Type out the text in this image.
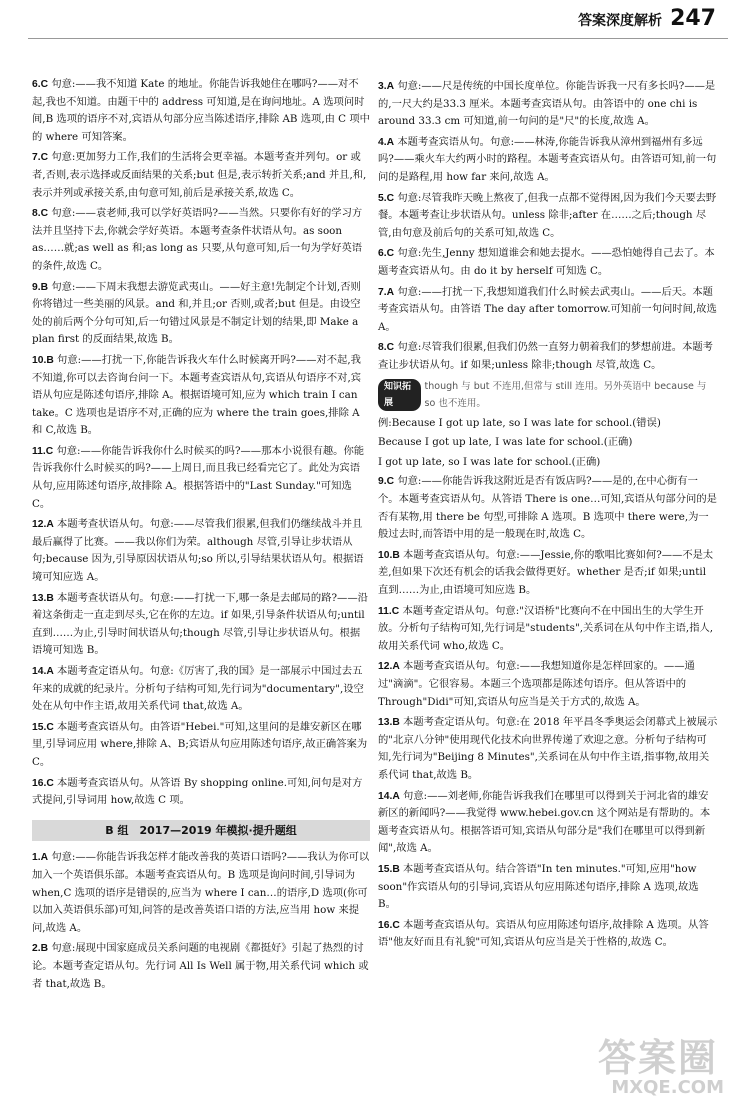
答案深度解析 247

6.C 句意:——我不知道 Kate 的地址。你能告诉我她住在哪吗?——对不起,我也不知道。由题干中的 address 可知道,是在询问地址。A 选项问时间,B 选项的语序不对,宾语从句部分应当陈述语序,排除 AB 选项,由 C 项中的 where 可知答案。

7.C 句意:更加努力工作,我们的生活将会更幸福。本题考查并列句。or 或者,否则,表示选择或反面结果的关系;but 但是,表示转折关系;and 并且,和,表示并列或承接关系,由句意可知,前后是承接关系,故选 C。

8.C 句意:——袁老师,我可以学好英语吗?——当然。只要你有好的学习方法并且坚持下去,你就会学好英语。本题考查条件状语从句。as soon as……就;as well as 和;as long as 只要,从句意可知,后一句为学好英语的条件,故选 C。

9.B 句意:——下周末我想去游览武夷山。——好主意!先制定个计划,否则你将错过一些美丽的风景。and 和,并且;or 否则,或者;but 但是。由设空处的前后两个分句可知,后一句错过风景是不制定计划的结果,即 Make a plan first 的反面结果,故选 B。

10.B 句意:——打扰一下,你能告诉我火车什么时候离开吗?——对不起,我不知道,你可以去咨询台问一下。本题考查宾语从句,宾语从句语序不对,宾语从句应是陈述句语序,排除 A。根据语境可知,应为 which train I can take。C 选项也是语序不对,正确的应为 where the train goes,排除 A 和 C,故选 B。

11.C 句意:——你能告诉我你什么时候买的吗?——那本小说很有趣。你能告诉我你什么时候买的吗?——上周日,而且我已经看完它了。此处为宾语从句,应用陈述句语序,故排除 A。根据答语中的"Last Sunday."可知选 C。

12.A 本题考查状语从句。句意:——尽管我们很累,但我们仍继续战斗并且最后赢得了比赛。——我以你们为荣。although 尽管,引导让步状语从句;because 因为,引导原因状语从句;so 所以,引导结果状语从句。根据语境可知应选 A。

13.B 本题考查状语从句。句意:——打扰一下,哪一条是去邮局的路?——沿着这条街走一直走到尽头,它在你的左边。if 如果,引导条件状语从句;until 直到……为止,引导时间状语从句;though 尽管,引导让步状语从句。根据语境可知选 B。

14.A 本题考查定语从句。句意:《厉害了,我的国》是一部展示中国过去五年来的成就的纪录片。分析句子结构可知,先行词为"documentary",设空处在从句中作主语,故用关系代词 that,故选 A。

15.C 本题考查宾语从句。由答语"Hebei."可知,这里问的是雄安新区在哪里,引导词应用 where,排除 A、B;宾语从句应用陈述句语序,故正确答案为 C。

16.C 本题考查宾语从句。从答语 By shopping online.可知,问句是对方式提问,引导词用 how,故选 C 项。

B 组　2017—2019 年模拟·提升题组

1.A 句意:——你能告诉我怎样才能改善我的英语口语吗?——我认为你可以加入一个英语俱乐部。本题考查宾语从句。B 选项是询问时间,引导词为 when,C 选项的语序是错误的,应当为 where I can…的语序,D 选项(你可以加入英语俱乐部)可知,问答的是改善英语口语的方法,应当用 how 来提问,故选 A。

2.B 句意:展现中国家庭成员关系问题的电视剧《都挺好》引起了热烈的讨论。本题考查定语从句。先行词 All Is Well 属于物,用关系代词 which 或者 that,故选 B。

3.A 句意:——尺是传统的中国长度单位。你能告诉我一尺有多长吗?——是的,一尺大约是33.3 厘米。本题考查宾语从句。由答语中的 one chi is around 33.3 cm 可知道,前一句问的是"尺"的长度,故选 A。

4.A 本题考查宾语从句。句意:——林涛,你能告诉我从漳州到福州有多远吗?——乘火车大约两小时的路程。本题考查宾语从句。由答语可知,前一句问的是路程,用 how far 来问,故选 A。

5.C 句意:尽管我昨天晚上熬夜了,但我一点都不觉得困,因为我们今天要去野餐。本题考查让步状语从句。unless 除非;after 在……之后;though 尽管,由句意及前后句的关系可知,故选 C。

6.C 句意:先生,Jenny 想知道谁会和她去提水。——恐怕她得自己去了。本题考查宾语从句。由 do it by herself 可知选 C。

7.A 句意:——打扰一下,我想知道我们什么时候去武夷山。——后天。本题考查宾语从句。由答语 The day after tomorrow.可知前一句问时间,故选 A。

8.C 句意:尽管我们很累,但我们仍然一直努力朝着我们的梦想前进。本题考查让步状语从句。if 如果;unless 除非;though 尽管,故选 C。

知识拓展
though 与 but 不连用,但常与 still 连用。另外英语中 because 与 so 也不连用。
例:Because I got up late, so I was late for school.(错误)
Because I got up late, I was late for school.(正确)
I got up late, so I was late for school.(正确)

9.C 句意:——你能告诉我这附近是否有饭店吗?——是的,在中心街有一个。本题考查宾语从句。从答语 There is one…可知,宾语从句部分问的是否有某物,用 there be 句型,可排除 A 选项。B 选项中 there were,为一般过去时,而答语中用的是一般现在时,故选 C。

10.B 本题考查宾语从句。句意:——Jessie,你的歌唱比赛如何?——不是太差,但如果下次还有机会的话我会做得更好。whether 是否;if 如果;until 直到……为止,由语境可知应选 B。

11.C 本题考查定语从句。句意:"汉语桥"比赛向不在中国出生的大学生开放。分析句子结构可知,先行词是"students",关系词在从句中作主语,指人,故用关系代词 who,故选 C。

12.A 本题考查宾语从句。句意:——我想知道你是怎样回家的。——通过"滴滴"。它很容易。本题三个选项都是陈述句语序。但从答语中的 Through"Didi"可知,宾语从句应当是关于方式的,故选 A。

13.B 本题考查定语从句。句意:在 2018 年平昌冬季奥运会闭幕式上被展示的"北京八分钟"使用现代化技术向世界传递了欢迎之意。分析句子结构可知,先行词为"Beijing 8 Minutes",关系词在从句中作主语,指事物,故用关系代词 that,故选 B。

14.A 句意:——刘老师,你能告诉我我们在哪里可以得到关于河北省的雄安新区的新闻吗?——我觉得 www.hebei.gov.cn 这个网站是有帮助的。本题考查宾语从句。根据答语可知,宾语从句部分是"我们在哪里可以得到新闻",故选 A。

15.B 本题考查宾语从句。结合答语"In ten minutes."可知,应用"how soon"作宾语从句的引导词,宾语从句应用陈述句语序,排除 A 选项,故选 B。

16.C 本题考查宾语从句。宾语从句应用陈述句语序,故排除 A 选项。从答语"他友好而且有礼貌"可知,宾语从句应当是关于性格的,故选 C。

答案圈
MXQE.COM
